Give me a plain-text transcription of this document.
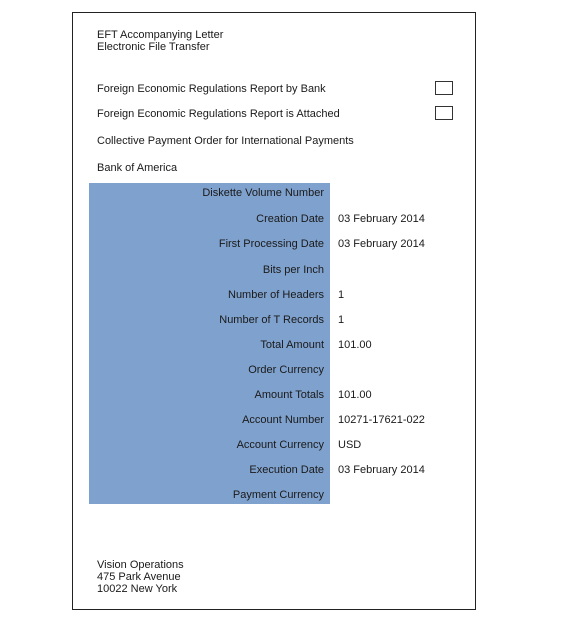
EFT Accompanying Letter
Electronic File Transfer
Foreign Economic Regulations Report by Bank
Foreign Economic Regulations Report is Attached
Collective Payment Order for International Payments
Bank of America
Diskette Volume Number
Creation Date 03 February 2014
First Processing Date 03 February 2014
Bits per Inch
Number of Headers 1
Number of T Records 1
Total Amount 101.00
Order Currency
Amount Totals 101.00
Account Number 10271-17621-022
Account Currency USD
Execution Date 03 February 2014
Payment Currency
Vision Operations
475 Park Avenue
10022 New York
